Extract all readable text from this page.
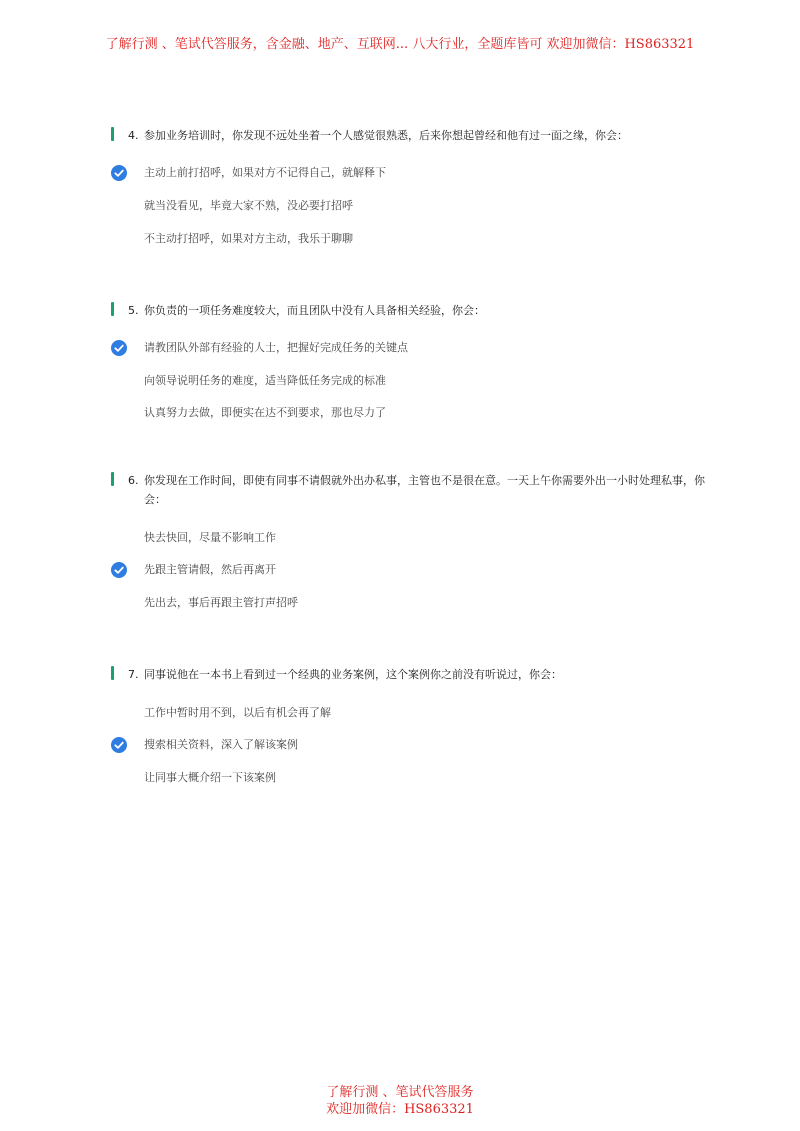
了解行测 、笔试代答服务，含金融、地产、互联网... 八大行业，全题库皆可 欢迎加微信：HS863321
4. 参加业务培训时，你发现不远处坐着一个人感觉很熟悉，后来你想起曾经和他有过一面之缘，你会：
主动上前打招呼，如果对方不记得自己，就解释下
就当没看见，毕竟大家不熟，没必要打招呼
不主动打招呼，如果对方主动，我乐于聊聊
5. 你负责的一项任务难度较大，而且团队中没有人具备相关经验，你会：
请教团队外部有经验的人士，把握好完成任务的关键点
向领导说明任务的难度，适当降低任务完成的标准
认真努力去做，即便实在达不到要求，那也尽力了
6. 你发现在工作时间，即使有同事不请假就外出办私事，主管也不是很在意。一天上午你需要外出一小时处理私事，你
会：
快去快回，尽量不影响工作
先跟主管请假，然后再离开
先出去，事后再跟主管打声招呼
7. 同事说他在一本书上看到过一个经典的业务案例，这个案例你之前没有听说过，你会：
工作中暂时用不到，以后有机会再了解
搜索相关资料，深入了解该案例
让同事大概介绍一下该案例
了解行测 、笔试代答服务
欢迎加微信：HS863321
